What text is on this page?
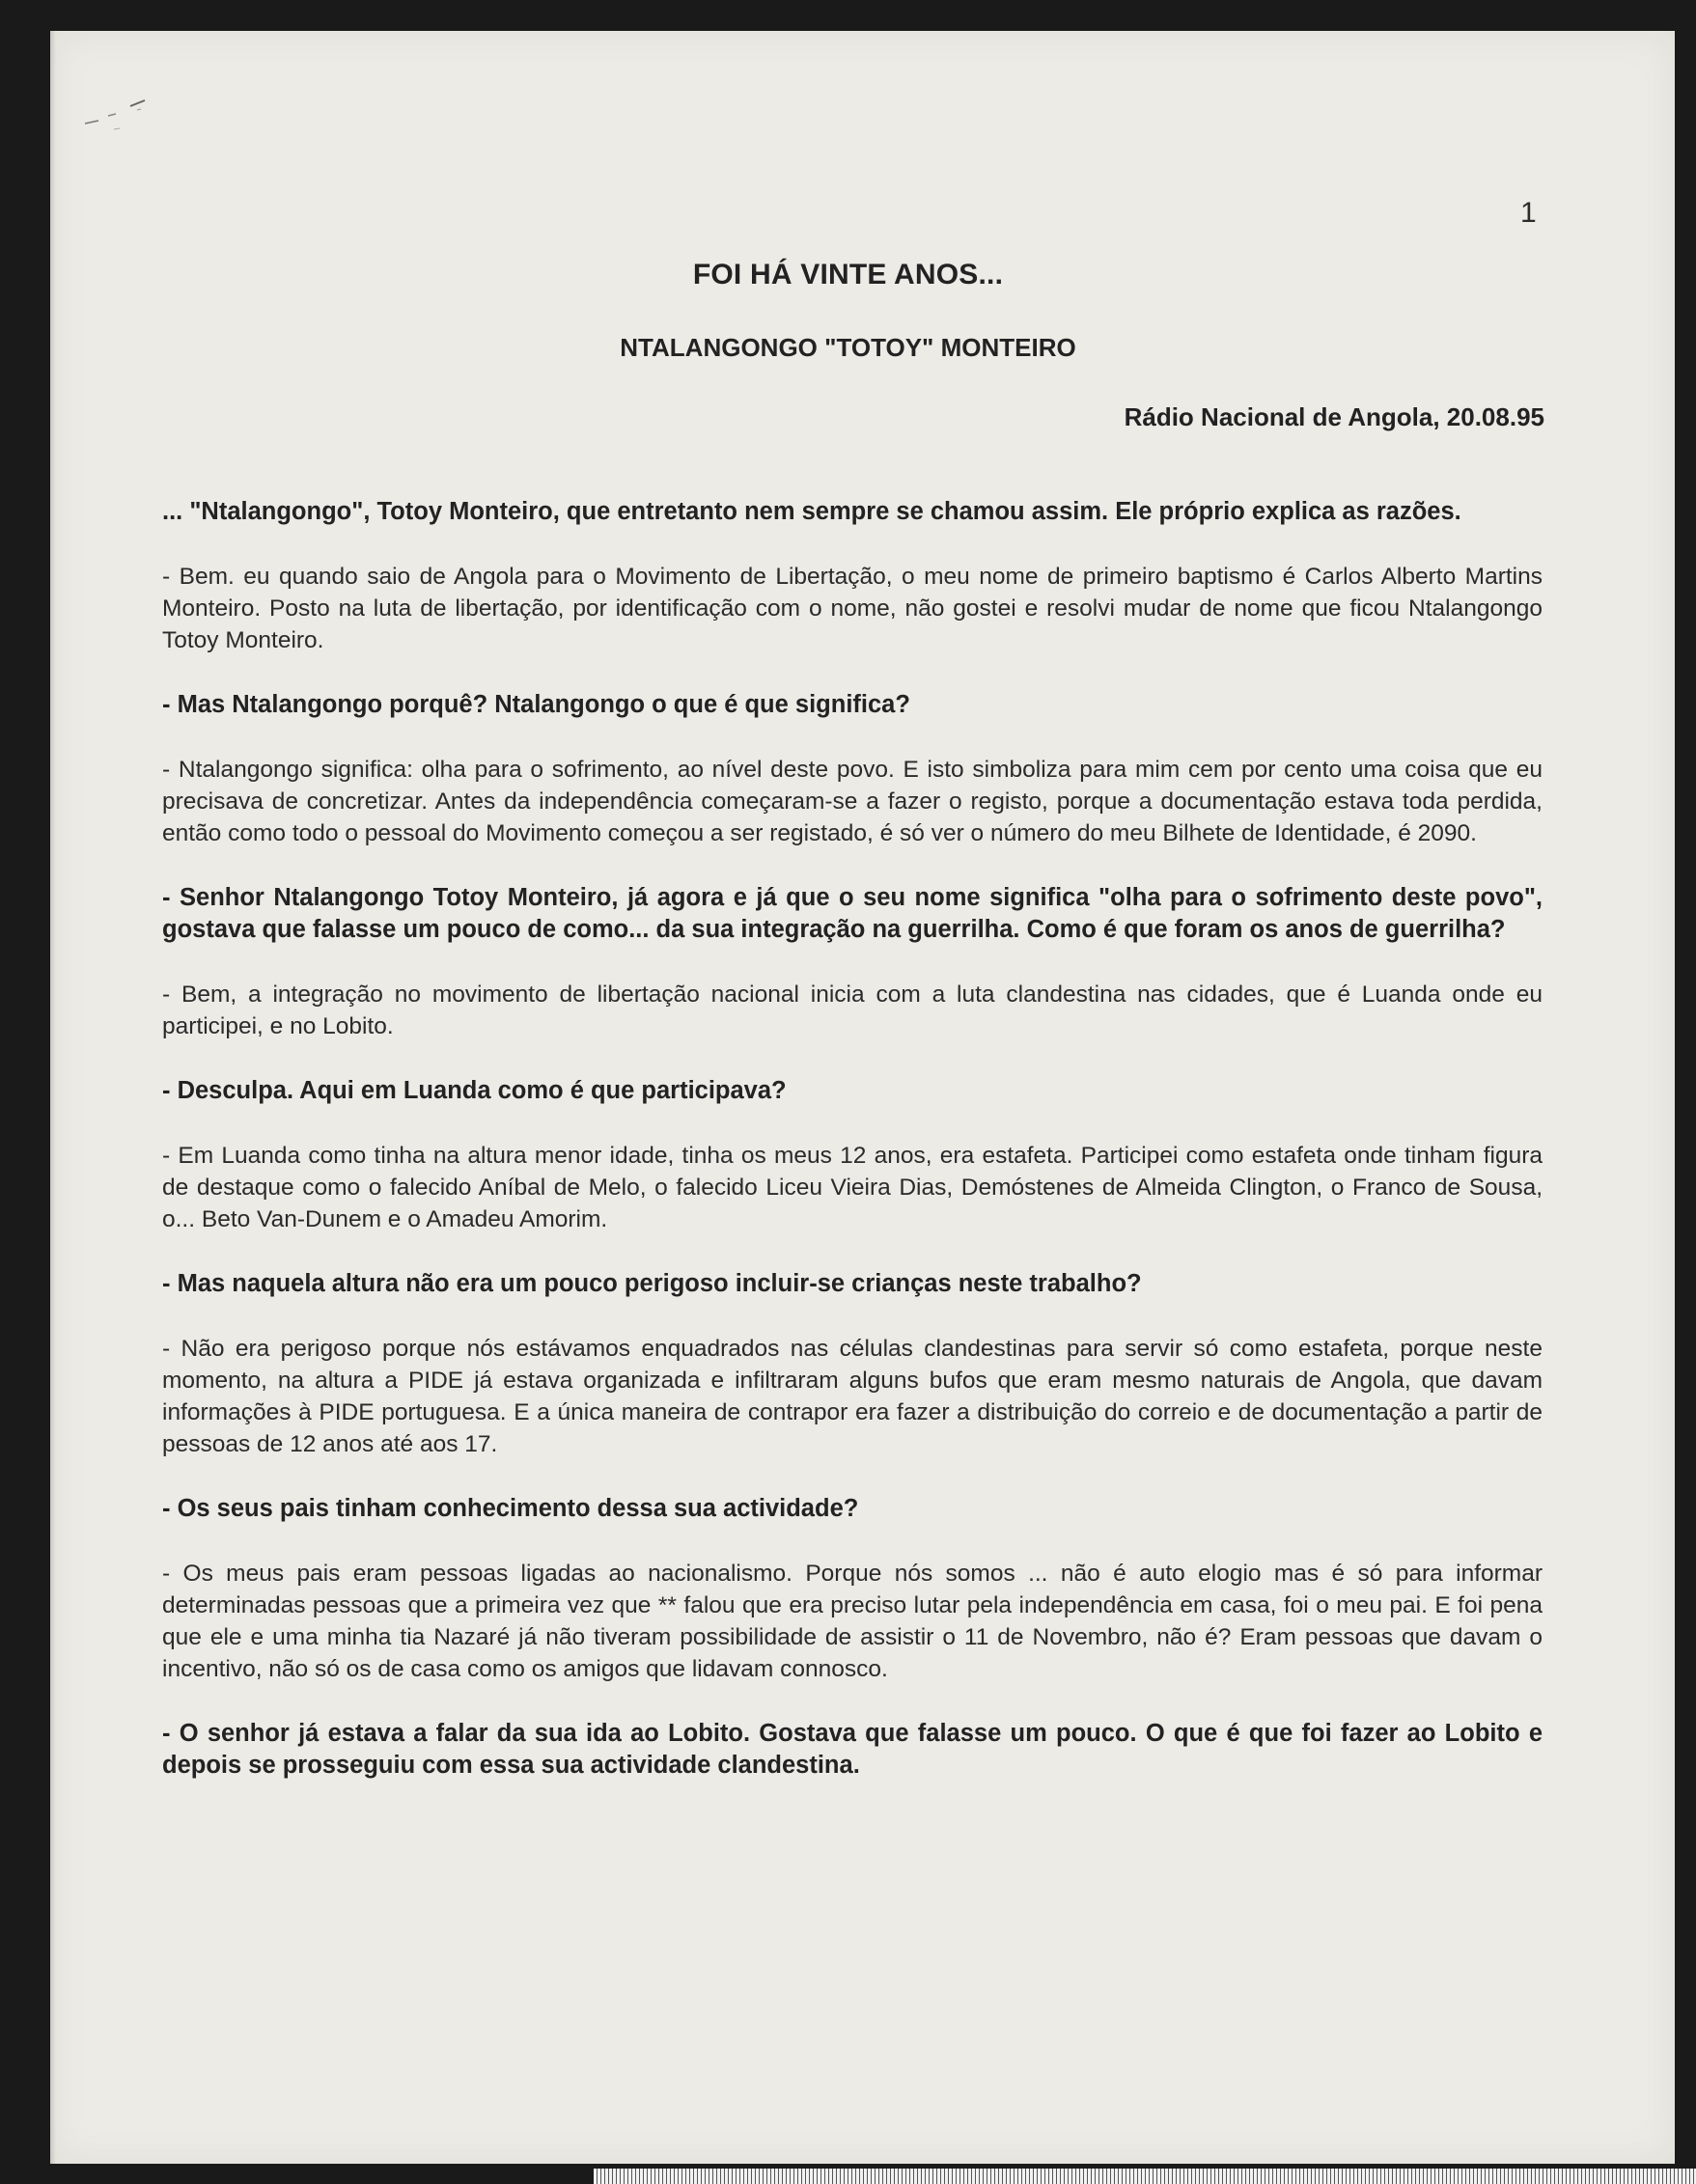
1
FOI HÁ VINTE ANOS...
NTALANGONGO "TOTOY" MONTEIRO
Rádio Nacional de Angola, 20.08.95

... "Ntalangongo", Totoy Monteiro, que entretanto nem sempre se chamou assim. Ele próprio explica as razões.

- Bem. eu quando saio de Angola para o Movimento de Libertação, o meu nome de primeiro baptismo é Carlos Alberto Martins Monteiro. Posto na luta de libertação, por identificação com o nome, não gostei e resolvi mudar de nome que ficou Ntalangongo Totoy Monteiro.

- Mas Ntalangongo porquê? Ntalangongo o que é que significa?

- Ntalangongo significa: olha para o sofrimento, ao nível deste povo. E isto simboliza para mim cem por cento uma coisa que eu precisava de concretizar. Antes da independência começaram-se a fazer o registo, porque a documentação estava toda perdida, então como todo o pessoal do Movimento começou a ser registado, é só ver o número do meu Bilhete de Identidade, é 2090.

- Senhor Ntalangongo Totoy Monteiro, já agora e já que o seu nome significa "olha para o sofrimento deste povo", gostava que falasse um pouco de como... da sua integração na guerrilha. Como é que foram os anos de guerrilha?

- Bem, a integração no movimento de libertação nacional inicia com a luta clandestina nas cidades, que é Luanda onde eu participei, e no Lobito.

- Desculpa. Aqui em Luanda como é que participava?

- Em Luanda como tinha na altura menor idade, tinha os meus 12 anos, era estafeta. Participei como estafeta onde tinham figura de destaque como o falecido Aníbal de Melo, o falecido Liceu Vieira Dias, Demóstenes de Almeida Clington, o Franco de Sousa, o... Beto Van-Dunem e o Amadeu Amorim.

- Mas naquela altura não era um pouco perigoso incluir-se crianças neste trabalho?

- Não era perigoso porque nós estávamos enquadrados nas células clandestinas para servir só como estafeta, porque neste momento, na altura a PIDE já estava organizada e infiltraram alguns bufos que eram mesmo naturais de Angola, que davam informações à PIDE portuguesa. E a única maneira de contrapor era fazer a distribuição do correio e de documentação a partir de pessoas de 12 anos até aos 17.

- Os seus pais tinham conhecimento dessa sua actividade?

- Os meus pais eram pessoas ligadas ao nacionalismo. Porque nós somos ... não é auto elogio mas é só para informar determinadas pessoas que a primeira vez que ** falou que era preciso lutar pela independência em casa, foi o meu pai. E foi pena que ele e uma minha tia Nazaré já não tiveram possibilidade de assistir o 11 de Novembro, não é? Eram pessoas que davam o incentivo, não só os de casa como os amigos que lidavam connosco.

- O senhor já estava a falar da sua ida ao Lobito. Gostava que falasse um pouco. O que é que foi fazer ao Lobito e depois se prosseguiu com essa sua actividade clandestina.
